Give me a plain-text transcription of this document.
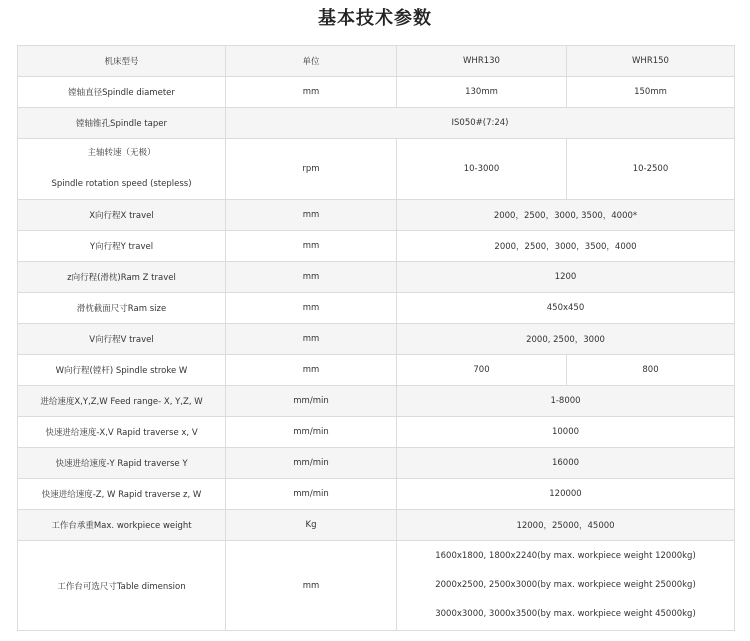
基本技术参数
机床型号	单位	WHR130	WHR150
镗轴直径Spindle diameter	mm	130mm	150mm
镗轴锥孔Spindle taper	IS050#(7:24)		

主轴转速（无极）
Spindle rotation speed (stepless)	rpm	10-3000	10-2500
X向行程X travel	mm	2000，2500，3000, 3500，4000*	
Y向行程Y travel	mm	2000，2500，3000，3500，4000	
z向行程(滑枕)Ram Z travel	mm	1200	
滑枕截面尺寸Ram size	mm	450x450	
V向行程V travel	mm	2000, 2500，3000	
W向行程(镗杆) Spindle stroke W	mm	700	800
进给速度X,Y,Z,W Feed range- X, Y,Z, W	mm/min	1-8000	
快速进给速度-X,V Rapid traverse x, V	mm/min	10000	
快速进给速度-Y Rapid traverse Y	mm/min	16000	
快速进给速度-Z, W Rapid traverse z, W	mm/min	120000	
工作台承重Max. workpiece weight	Kg	12000，25000，45000	
工作台可选尺寸Table dimension	mm	1600x1800, 1800x2240(by max. workpiece weight 12000kg)
2000x2500, 2500x3000(by max. workpiece weight 25000kg)
3000x3000, 3000x3500(by max. workpiece weight 45000kg)	
